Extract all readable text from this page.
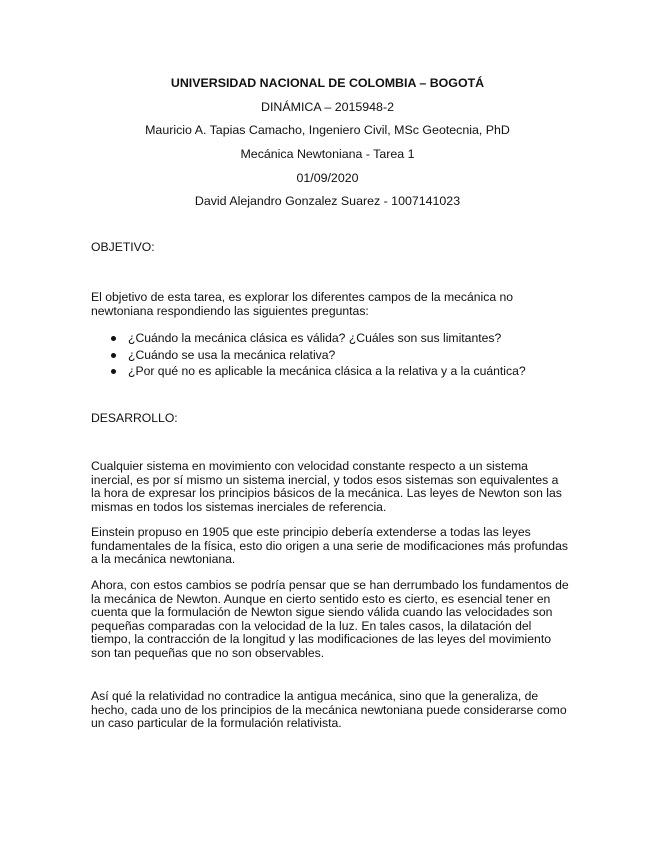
UNIVERSIDAD NACIONAL DE COLOMBIA – BOGOTÁ
DINÁMICA – 2015948-2
Mauricio A. Tapias Camacho, Ingeniero Civil, MSc Geotecnia, PhD
Mecánica Newtoniana - Tarea 1
01/09/2020
David Alejandro Gonzalez Suarez - 1007141023

OBJETIVO:

El objetivo de esta tarea, es explorar los diferentes campos de la mecánica no newtoniana respondiendo las siguientes preguntas:

¿Cuándo la mecánica clásica es válida? ¿Cuáles son sus limitantes?
¿Cuándo se usa la mecánica relativa?
¿Por qué no es aplicable la mecánica clásica a la relativa y a la cuántica?

DESARROLLO:

Cualquier sistema en movimiento con velocidad constante respecto a un sistema inercial, es por sí mismo un sistema inercial, y todos esos sistemas son equivalentes a la hora de expresar los principios básicos de la mecánica. Las leyes de Newton son las mismas en todos los sistemas inerciales de referencia.

Einstein propuso en 1905 que este principio debería extenderse a todas las leyes fundamentales de la física, esto dio origen a una serie de modificaciones más profundas a la mecánica newtoniana.

Ahora, con estos cambios se podría pensar que se han derrumbado los fundamentos de la mecánica de Newton. Aunque en cierto sentido esto es cierto, es esencial tener en cuenta que la formulación de Newton sigue siendo válida cuando las velocidades son pequeñas comparadas con la velocidad de la luz. En tales casos, la dilatación del tiempo, la contracción de la longitud y las modificaciones de las leyes del movimiento son tan pequeñas que no son observables.

Así qué la relatividad no contradice la antigua mecánica, sino que la generaliza, de hecho, cada uno de los principios de la mecánica newtoniana puede considerarse como un caso particular de la formulación relativista.
